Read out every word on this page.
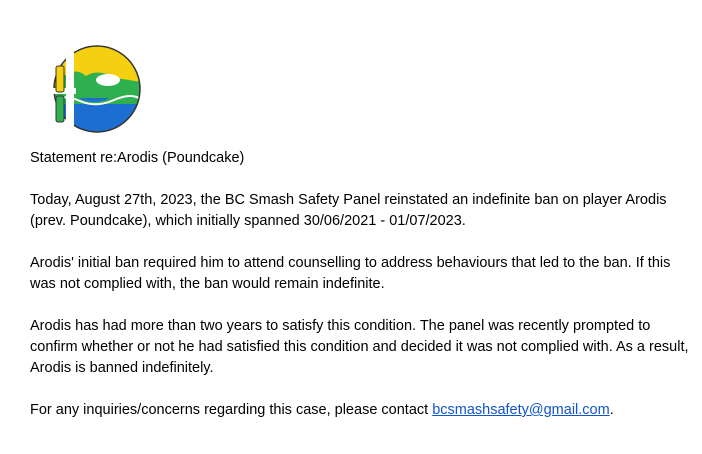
Statement re:Arodis (Poundcake)

Today, August 27th, 2023, the BC Smash Safety Panel reinstated an indefinite ban on player Arodis (prev. Poundcake), which initially spanned 30/06/2021 - 01/07/2023.

Arodis' initial ban required him to attend counselling to address behaviours that led to the ban. If this was not complied with, the ban would remain indefinite.

Arodis has had more than two years to satisfy this condition. The panel was recently prompted to confirm whether or not he had satisfied this condition and decided it was not complied with. As a result, Arodis is banned indefinitely.

For any inquiries/concerns regarding this case, please contact bcsmashsafety@gmail.com.
